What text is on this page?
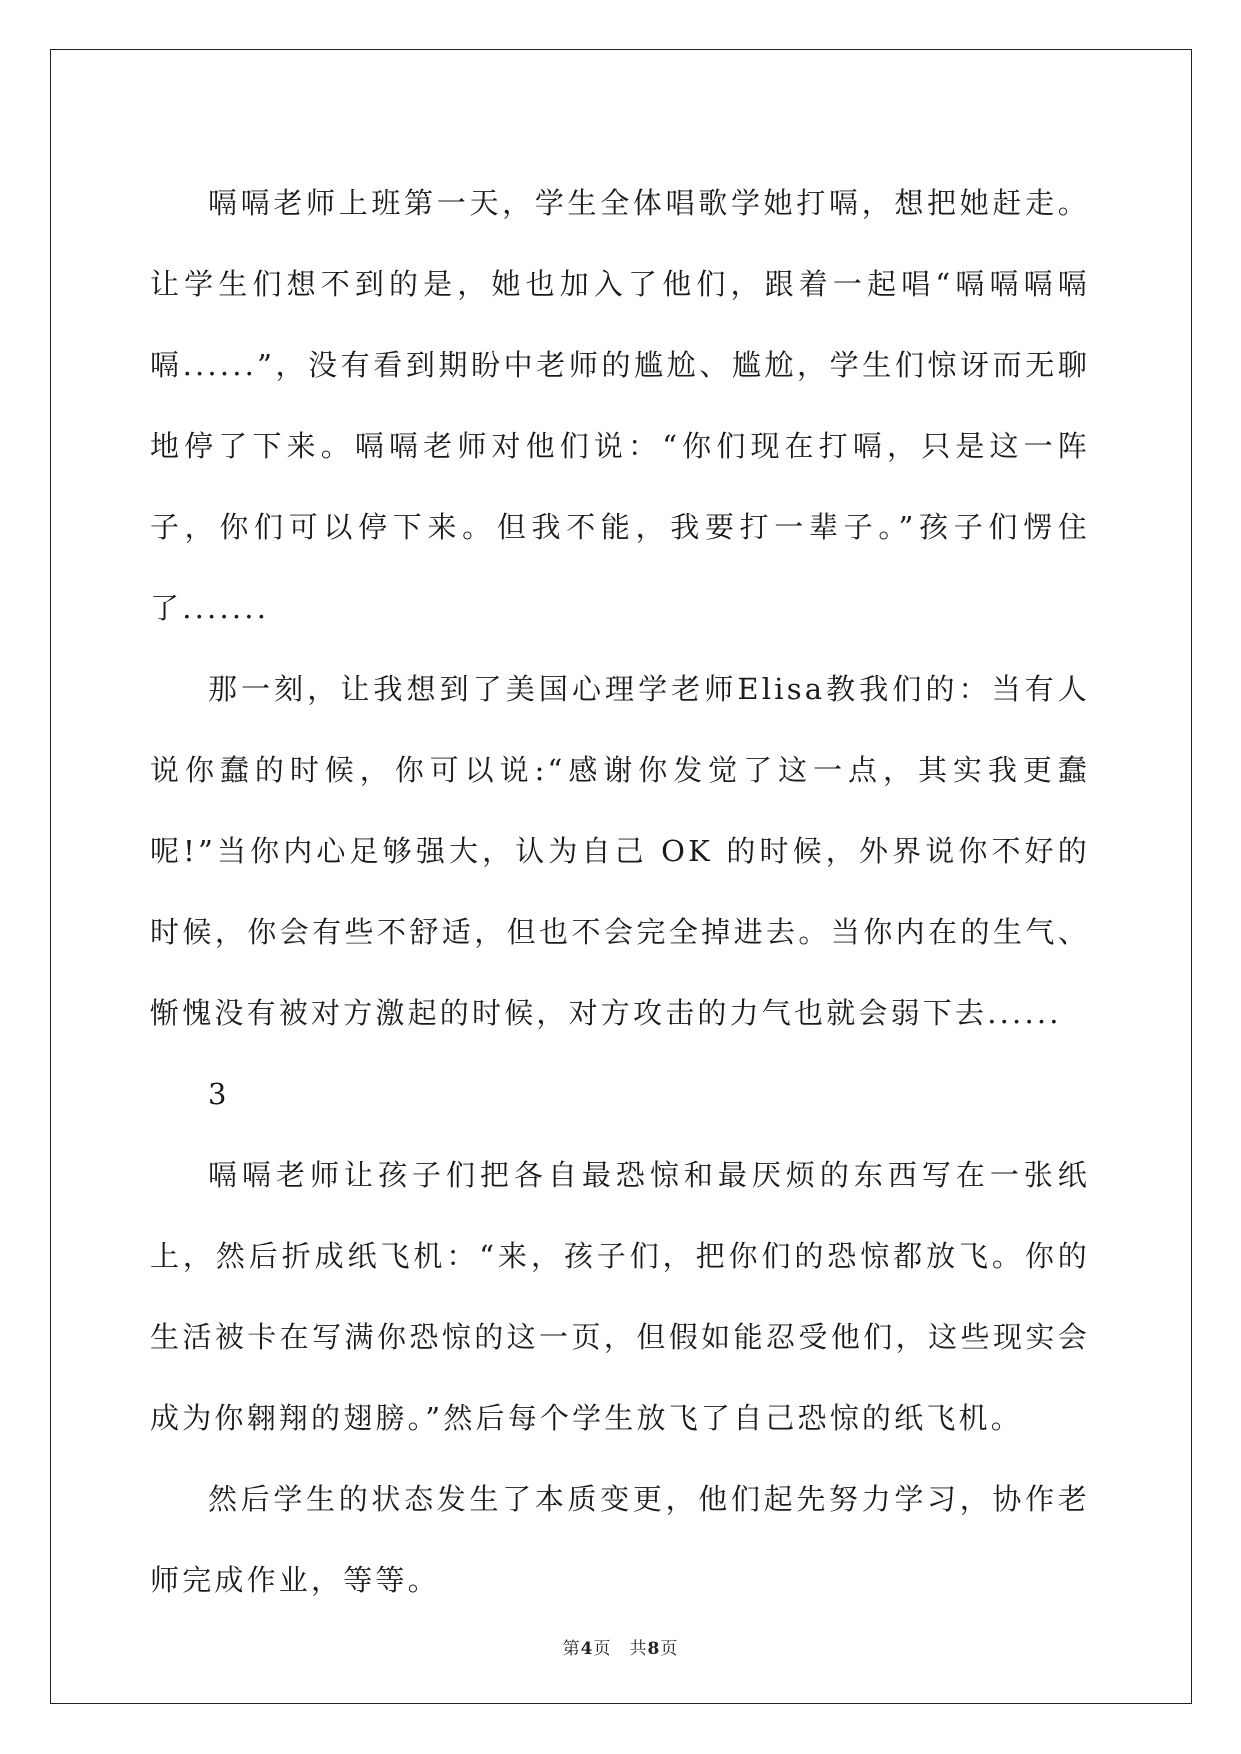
嗝嗝老师上班第一天，学生全体唱歌学她打嗝，想把她赶走。让学生们想不到的是，她也加入了他们，跟着一起唱“嗝嗝嗝嗝嗝......”，没有看到期盼中老师的尴尬、尴尬，学生们惊讶而无聊地停了下来。嗝嗝老师对他们说：“你们现在打嗝，只是这一阵子，你们可以停下来。但我不能，我要打一辈子。”孩子们愣住了.......

那一刻，让我想到了美国心理学老师Elisa教我们的：当有人说你蠢的时候，你可以说:“感谢你发觉了这一点，其实我更蠢呢!”当你内心足够强大，认为自己 OK 的时候，外界说你不好的时候，你会有些不舒适，但也不会完全掉进去。当你内在的生气、惭愧没有被对方激起的时候，对方攻击的力气也就会弱下去......

3

嗝嗝老师让孩子们把各自最恐惊和最厌烦的东西写在一张纸上，然后折成纸飞机：“来，孩子们，把你们的恐惊都放飞。你的生活被卡在写满你恐惊的这一页，但假如能忍受他们，这些现实会成为你翱翔的翅膀。”然后每个学生放飞了自己恐惊的纸飞机。

然后学生的状态发生了本质变更，他们起先努力学习，协作老师完成作业，等等。

第4页　共8页
